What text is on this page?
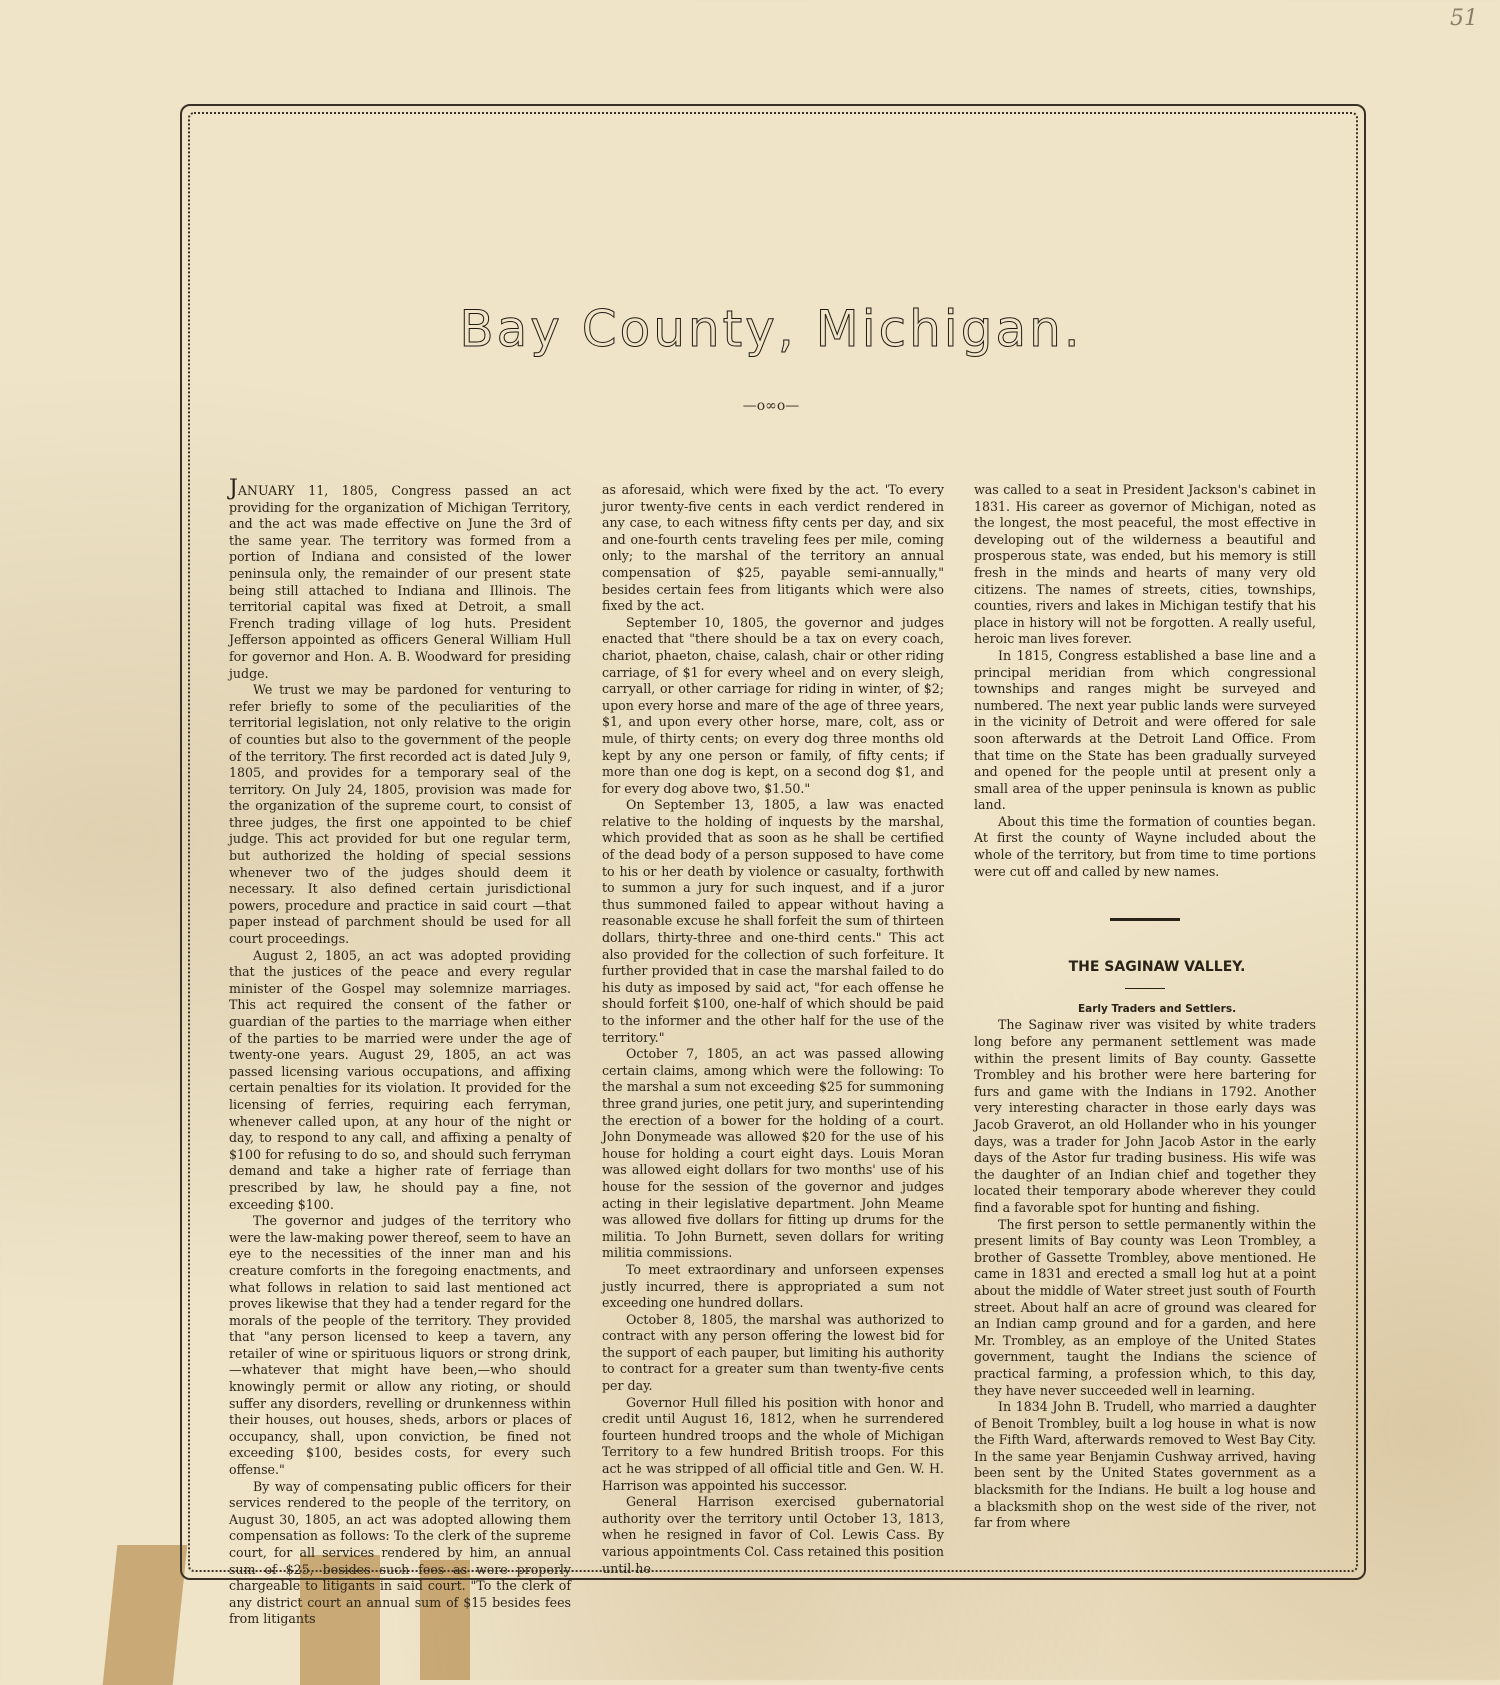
51
Bay County, Michigan.
—o∞o—

JANUARY 11, 1805, Congress passed an act providing for the organization of Michigan Territory, and the act was made effective on June the 3rd of the same year. The territory was formed from a portion of Indiana and consisted of the lower peninsula only, the remainder of our present state being still attached to Indiana and Illinois. The territorial capital was fixed at Detroit, a small French trading village of log huts. President Jefferson appointed as officers General William Hull for governor and Hon. A. B. Woodward for presiding judge.

We trust we may be pardoned for venturing to refer briefly to some of the peculiarities of the territorial legislation, not only relative to the origin of counties but also to the government of the people of the territory. The first recorded act is dated July 9, 1805, and provides for a temporary seal of the territory. On July 24, 1805, provision was made for the organization of the supreme court, to consist of three judges, the first one appointed to be chief judge. This act provided for but one regular term, but authorized the holding of special sessions whenever two of the judges should deem it necessary. It also defined certain jurisdictional powers, procedure and practice in said court —that paper instead of parchment should be used for all court proceedings.

August 2, 1805, an act was adopted providing that the justices of the peace and every regular minister of the Gospel may solemnize marriages. This act required the consent of the father or guardian of the parties to the marriage when either of the parties to be married were under the age of twenty-one years. August 29, 1805, an act was passed licensing various occupations, and affixing certain penalties for its violation. It provided for the licensing of ferries, requiring each ferryman, whenever called upon, at any hour of the night or day, to respond to any call, and affixing a penalty of $100 for refusing to do so, and should such ferryman demand and take a higher rate of ferriage than prescribed by law, he should pay a fine, not exceeding $100.

The governor and judges of the territory who were the law-making power thereof, seem to have an eye to the necessities of the inner man and his creature comforts in the foregoing enactments, and what follows in relation to said last mentioned act proves likewise that they had a tender regard for the morals of the people of the territory. They provided that "any person licensed to keep a tavern, any retailer of wine or spirituous liquors or strong drink,—whatever that might have been,—who should knowingly permit or allow any rioting, or should suffer any disorders, revelling or drunkenness within their houses, out houses, sheds, arbors or places of occupancy, shall, upon conviction, be fined not exceeding $100, besides costs, for every such offense."

By way of compensating public officers for their services rendered to the people of the territory, on August 30, 1805, an act was adopted allowing them compensation as follows: To the clerk of the supreme court, for all services rendered by him, an annual sum of $25, besides such fees as were properly chargeable to litigants in said court. "To the clerk of any district court an annual sum of $15 besides fees from litigants

as aforesaid, which were fixed by the act. 'To every juror twenty-five cents in each verdict rendered in any case, to each witness fifty cents per day, and six and one-fourth cents traveling fees per mile, coming only; to the marshal of the territory an annual compensation of $25, payable semi-annually," besides certain fees from litigants which were also fixed by the act.

September 10, 1805, the governor and judges enacted that "there should be a tax on every coach, chariot, phaeton, chaise, calash, chair or other riding carriage, of $1 for every wheel and on every sleigh, carryall, or other carriage for riding in winter, of $2; upon every horse and mare of the age of three years, $1, and upon every other horse, mare, colt, ass or mule, of thirty cents; on every dog three months old kept by any one person or family, of fifty cents; if more than one dog is kept, on a second dog $1, and for every dog above two, $1.50."

On September 13, 1805, a law was enacted relative to the holding of inquests by the marshal, which provided that as soon as he shall be certified of the dead body of a person supposed to have come to his or her death by violence or casualty, forthwith to summon a jury for such inquest, and if a juror thus summoned failed to appear without having a reasonable excuse he shall forfeit the sum of thirteen dollars, thirty-three and one-third cents." This act also provided for the collection of such forfeiture. It further provided that in case the marshal failed to do his duty as imposed by said act, "for each offense he should forfeit $100, one-half of which should be paid to the informer and the other half for the use of the territory."

October 7, 1805, an act was passed allowing certain claims, among which were the following: To the marshal a sum not exceeding $25 for summoning three grand juries, one petit jury, and superintending the erection of a bower for the holding of a court. John Donymeade was allowed $20 for the use of his house for holding a court eight days. Louis Moran was allowed eight dollars for two months' use of his house for the session of the governor and judges acting in their legislative department. John Meame was allowed five dollars for fitting up drums for the militia. To John Burnett, seven dollars for writing militia commissions.

To meet extraordinary and unforseen expenses justly incurred, there is appropriated a sum not exceeding one hundred dollars.

October 8, 1805, the marshal was authorized to contract with any person offering the lowest bid for the support of each pauper, but limiting his authority to contract for a greater sum than twenty-five cents per day.

Governor Hull filled his position with honor and credit until August 16, 1812, when he surrendered fourteen hundred troops and the whole of Michigan Territory to a few hundred British troops. For this act he was stripped of all official title and Gen. W. H. Harrison was appointed his successor.

General Harrison exercised gubernatorial authority over the territory until October 13, 1813, when he resigned in favor of Col. Lewis Cass. By various appointments Col. Cass retained this position until he

was called to a seat in President Jackson's cabinet in 1831. His career as governor of Michigan, noted as the longest, the most peaceful, the most effective in developing out of the wilderness a beautiful and prosperous state, was ended, but his memory is still fresh in the minds and hearts of many very old citizens. The names of streets, cities, townships, counties, rivers and lakes in Michigan testify that his place in history will not be forgotten. A really useful, heroic man lives forever.

In 1815, Congress established a base line and a principal meridian from which congressional townships and ranges might be surveyed and numbered. The next year public lands were surveyed in the vicinity of Detroit and were offered for sale soon afterwards at the Detroit Land Office. From that time on the State has been gradually surveyed and opened for the people until at present only a small area of the upper peninsula is known as public land.

About this time the formation of counties began. At first the county of Wayne included about the whole of the territory, but from time to time portions were cut off and called by new names.

THE SAGINAW VALLEY.

Early Traders and Settlers.

The Saginaw river was visited by white traders long before any permanent settlement was made within the present limits of Bay county. Gassette Trombley and his brother were here bartering for furs and game with the Indians in 1792. Another very interesting character in those early days was Jacob Graverot, an old Hollander who in his younger days, was a trader for John Jacob Astor in the early days of the Astor fur trading business. His wife was the daughter of an Indian chief and together they located their temporary abode wherever they could find a favorable spot for hunting and fishing.

The first person to settle permanently within the present limits of Bay county was Leon Trombley, a brother of Gassette Trombley, above mentioned. He came in 1831 and erected a small log hut at a point about the middle of Water street just south of Fourth street. About half an acre of ground was cleared for an Indian camp ground and for a garden, and here Mr. Trombley, as an employe of the United States government, taught the Indians the science of practical farming, a profession which, to this day, they have never succeeded well in learning.

In 1834 John B. Trudell, who married a daughter of Benoit Trombley, built a log house in what is now the Fifth Ward, afterwards removed to West Bay City. In the same year Benjamin Cushway arrived, having been sent by the United States government as a blacksmith for the Indians. He built a log house and a blacksmith shop on the west side of the river, not far from where
